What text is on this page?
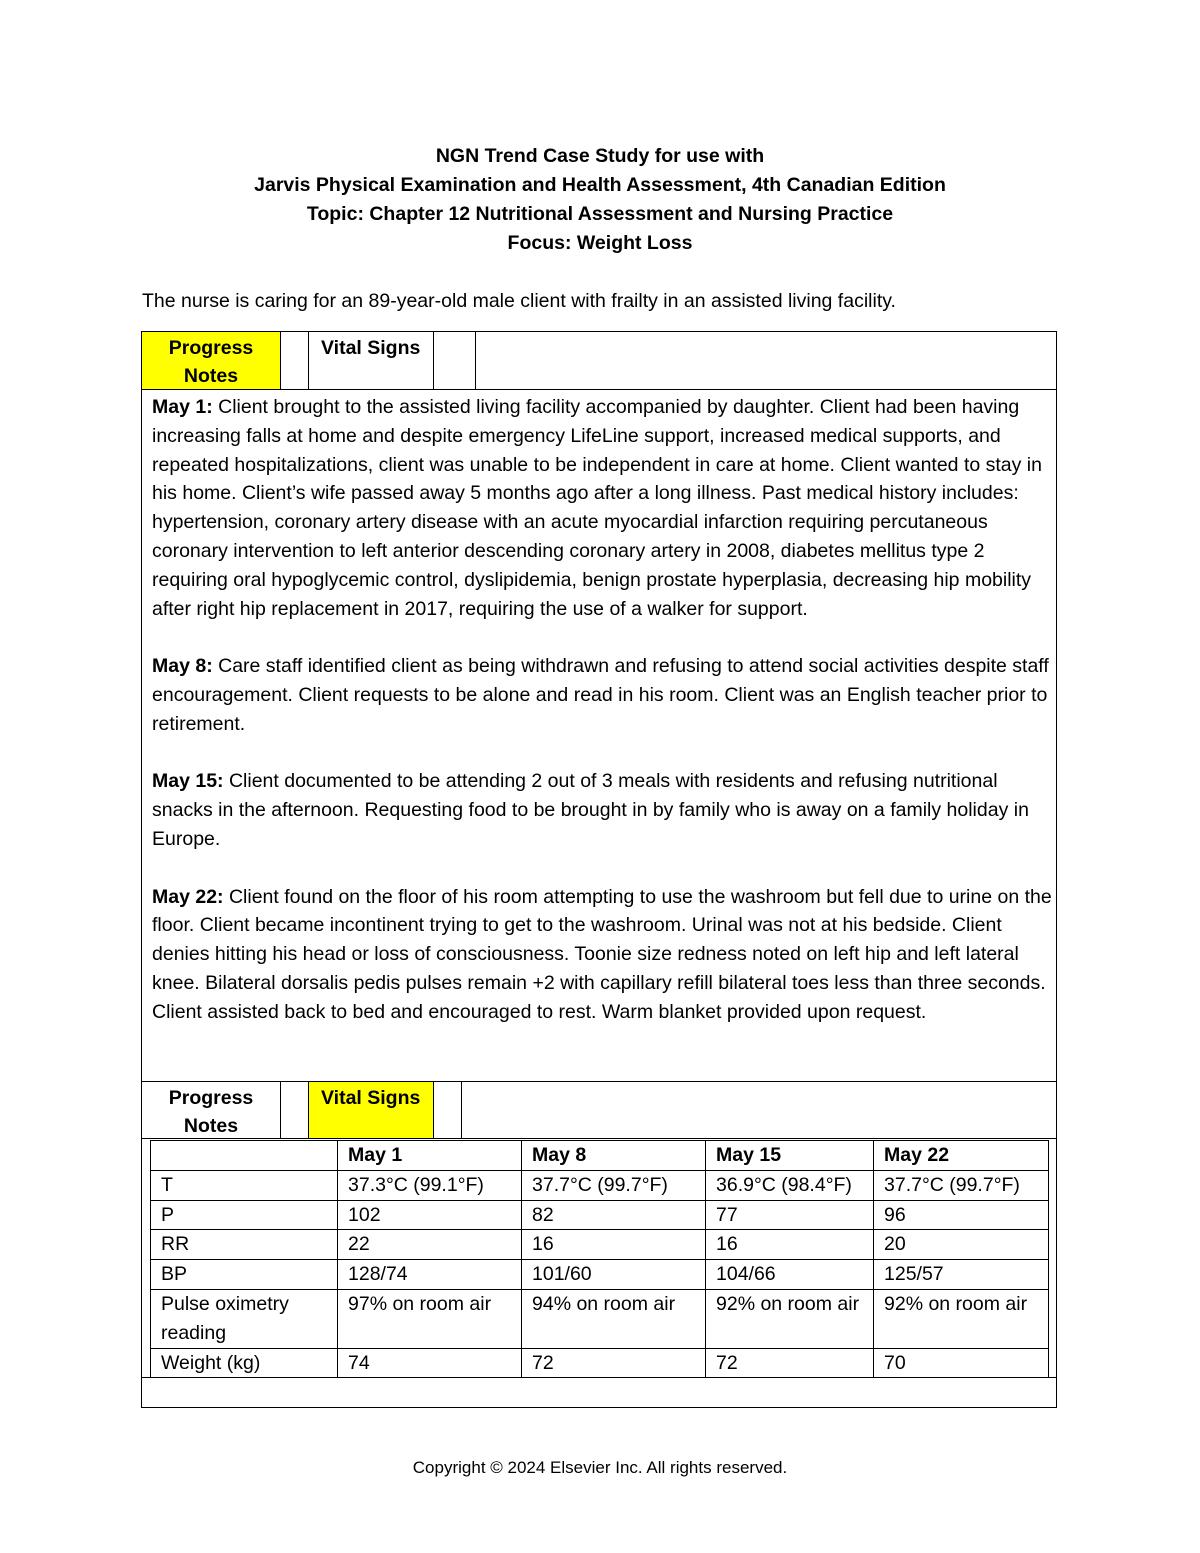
NGN Trend Case Study for use with
Jarvis Physical Examination and Health Assessment, 4th Canadian Edition
Topic: Chapter 12 Nutritional Assessment and Nursing Practice
Focus: Weight Loss
The nurse is caring for an 89-year-old male client with frailty in an assisted living facility.
Progress Notes
Vital Signs

May 1: Client brought to the assisted living facility accompanied by daughter. Client had been having increasing falls at home and despite emergency LifeLine support, increased medical supports, and repeated hospitalizations, client was unable to be independent in care at home. Client wanted to stay in his home. Client’s wife passed away 5 months ago after a long illness. Past medical history includes: hypertension, coronary artery disease with an acute myocardial infarction requiring percutaneous coronary intervention to left anterior descending coronary artery in 2008, diabetes mellitus type 2 requiring oral hypoglycemic control, dyslipidemia, benign prostate hyperplasia, decreasing hip mobility after right hip replacement in 2017, requiring the use of a walker for support.

May 8: Care staff identified client as being withdrawn and refusing to attend social activities despite staff encouragement. Client requests to be alone and read in his room. Client was an English teacher prior to retirement.

May 15: Client documented to be attending 2 out of 3 meals with residents and refusing nutritional snacks in the afternoon. Requesting food to be brought in by family who is away on a family holiday in Europe.

May 22: Client found on the floor of his room attempting to use the washroom but fell due to urine on the floor. Client became incontinent trying to get to the washroom. Urinal was not at his bedside. Client denies hitting his head or loss of consciousness. Toonie size redness noted on left hip and left lateral knee. Bilateral dorsalis pedis pulses remain +2 with capillary refill bilateral toes less than three seconds. Client assisted back to bed and encouraged to rest. Warm blanket provided upon request.

Progress Notes
Vital Signs
	May 1	May 8	May 15	May 22
T	37.3°C (99.1°F)	37.7°C (99.7°F)	36.9°C (98.4°F)	37.7°C (99.7°F)
P	102	82	77	96
RR	22	16	16	20
BP	128/74	101/60	104/66	125/57
Pulse oximetry reading	97% on room air	94% on room air	92% on room air	92% on room air
Weight (kg)	74	72	72	70
Copyright © 2024 Elsevier Inc. All rights reserved.
